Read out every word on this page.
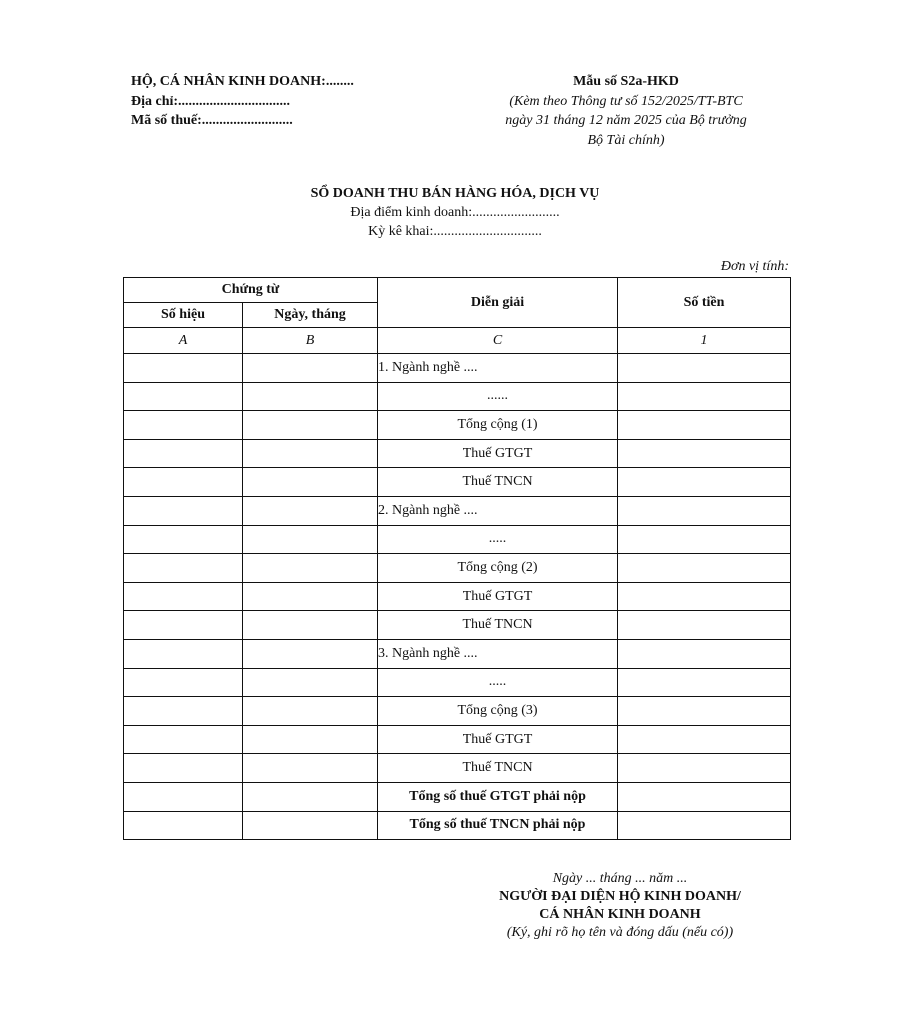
HỘ, CÁ NHÂN KINH DOANH:........
Địa chỉ:................................
Mã số thuế:..........................
Mẫu số S2a-HKD
(Kèm theo Thông tư số 152/2025/TT-BTC
ngày 31 tháng 12 năm 2025 của Bộ trưởng
Bộ Tài chính)
SỔ DOANH THU BÁN HÀNG HÓA, DỊCH VỤ
Địa điểm kinh doanh:.........................
Kỳ kê khai:...............................
Đơn vị tính:
Chứng từ		Diễn giải	Số tiền
Số hiệu	Ngày, tháng		
A	B	C	1
		1. Ngành nghề ....	
		......	
		Tổng cộng (1)	
		Thuế GTGT	
		Thuế TNCN	
		2. Ngành nghề ....	
		.....	
		Tổng cộng (2)	
		Thuế GTGT	
		Thuế TNCN	
		3. Ngành nghề ....	
		.....	
		Tổng cộng (3)	
		Thuế GTGT	
		Thuế TNCN	
		Tổng số thuế GTGT phải nộp	
		Tổng số thuế TNCN phải nộp	
Ngày ... tháng ... năm ...
NGƯỜI ĐẠI DIỆN HỘ KINH DOANH/
CÁ NHÂN KINH DOANH
(Ký, ghi rõ họ tên và đóng dấu (nếu có))
